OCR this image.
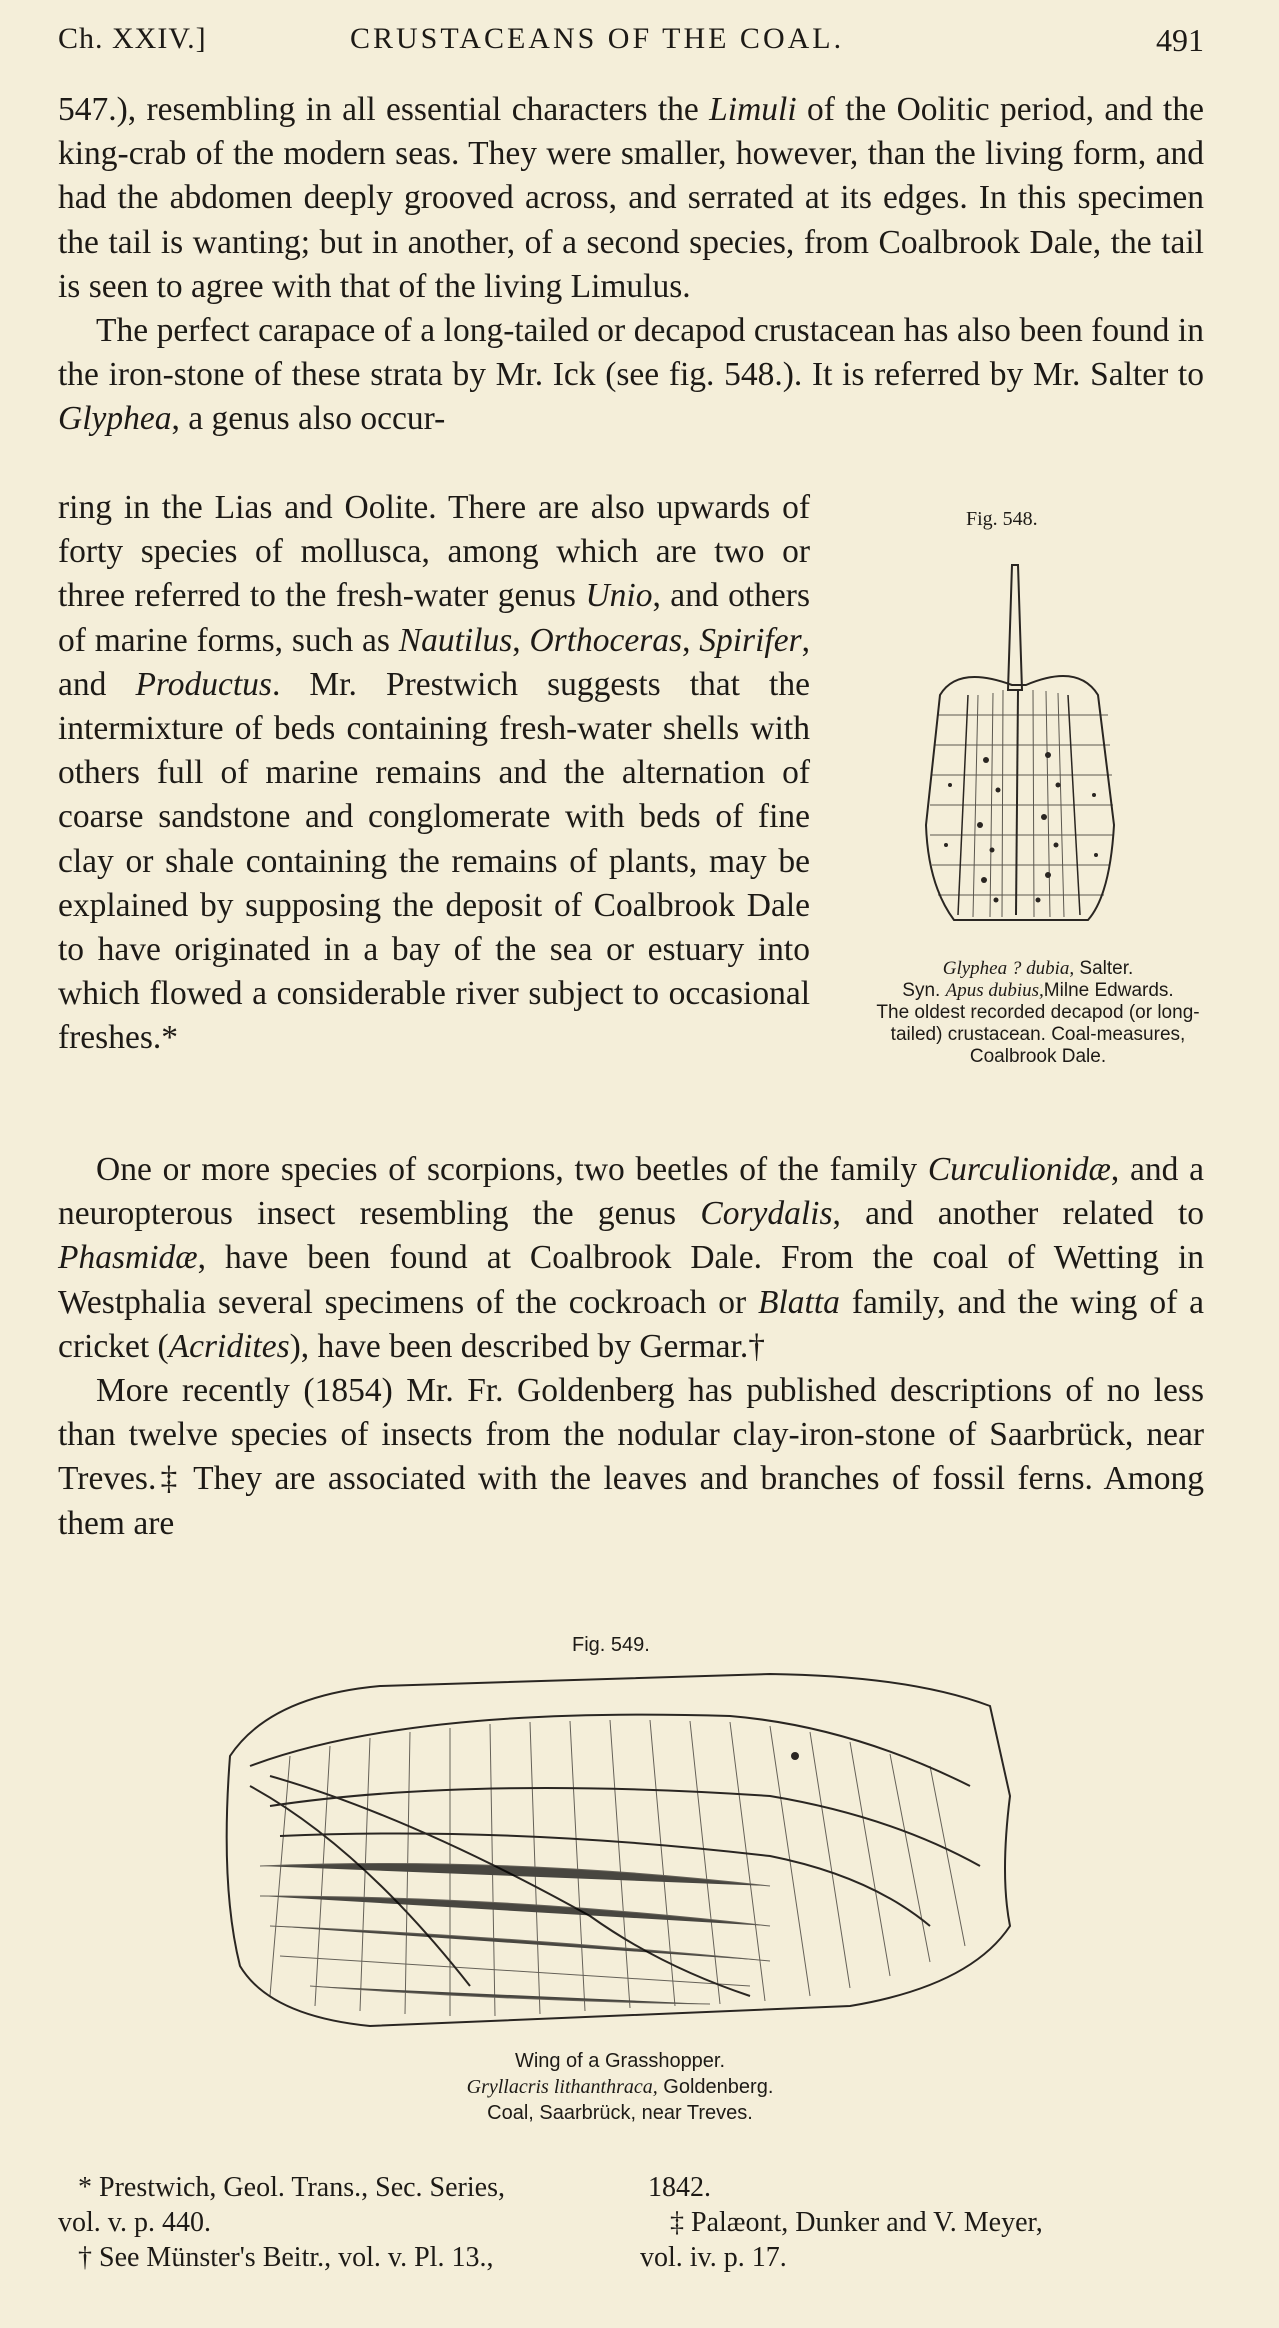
Ch. XXIV.]	CRUSTACEANS OF THE COAL.	491

547.), resembling in all essential characters the Limuli of the Oolitic period, and the king-crab of the modern seas. They were smaller, however, than the living form, and had the abdomen deeply grooved across, and serrated at its edges. In this specimen the tail is wanting; but in another, of a second species, from Coalbrook Dale, the tail is seen to agree with that of the living Limulus.

The perfect carapace of a long-tailed or decapod crustacean has also been found in the iron-stone of these strata by Mr. Ick (see fig. 548.). It is referred by Mr. Salter to Glyphea, a genus also occur-

ring in the Lias and Oolite. There are also upwards of forty species of mollusca, among which are two or three referred to the fresh-water genus Unio, and others of marine forms, such as Nautilus, Orthoceras, Spirifer, and Productus. Mr. Prestwich suggests that the intermixture of beds containing fresh-water shells with others full of marine remains and the alternation of coarse sandstone and conglomerate with beds of fine clay or shale containing the remains of plants, may be explained by supposing the deposit of Coalbrook Dale to have originated in a bay of the sea or estuary into which flowed a considerable river subject to occasional freshes.*

Fig. 548.
Glyphea ? dubia, Salter.
Syn. Apus dubius,Milne Edwards.
The oldest recorded decapod (or long-tailed) crustacean. Coal-measures, Coalbrook Dale.

One or more species of scorpions, two beetles of the family Curculionidæ, and a neuropterous insect resembling the genus Corydalis, and another related to Phasmidæ, have been found at Coalbrook Dale. From the coal of Wetting in Westphalia several specimens of the cockroach or Blatta family, and the wing of a cricket (Acridites), have been described by Germar.†

More recently (1854) Mr. Fr. Goldenberg has published descriptions of no less than twelve species of insects from the nodular clay-iron-stone of Saarbrück, near Treves.‡ They are associated with the leaves and branches of fossil ferns. Among them are

Fig. 549.
Wing of a Grasshopper.
Gryllacris lithanthraca, Goldenberg.
Coal, Saarbrück, near Treves.
* Prestwich, Geol. Trans., Sec. Series,	1842.
vol. v. p. 440.	‡ Palæont, Dunker and V. Meyer,
† See Münster's Beitr., vol. v. Pl. 13.,	vol. iv. p. 17.
